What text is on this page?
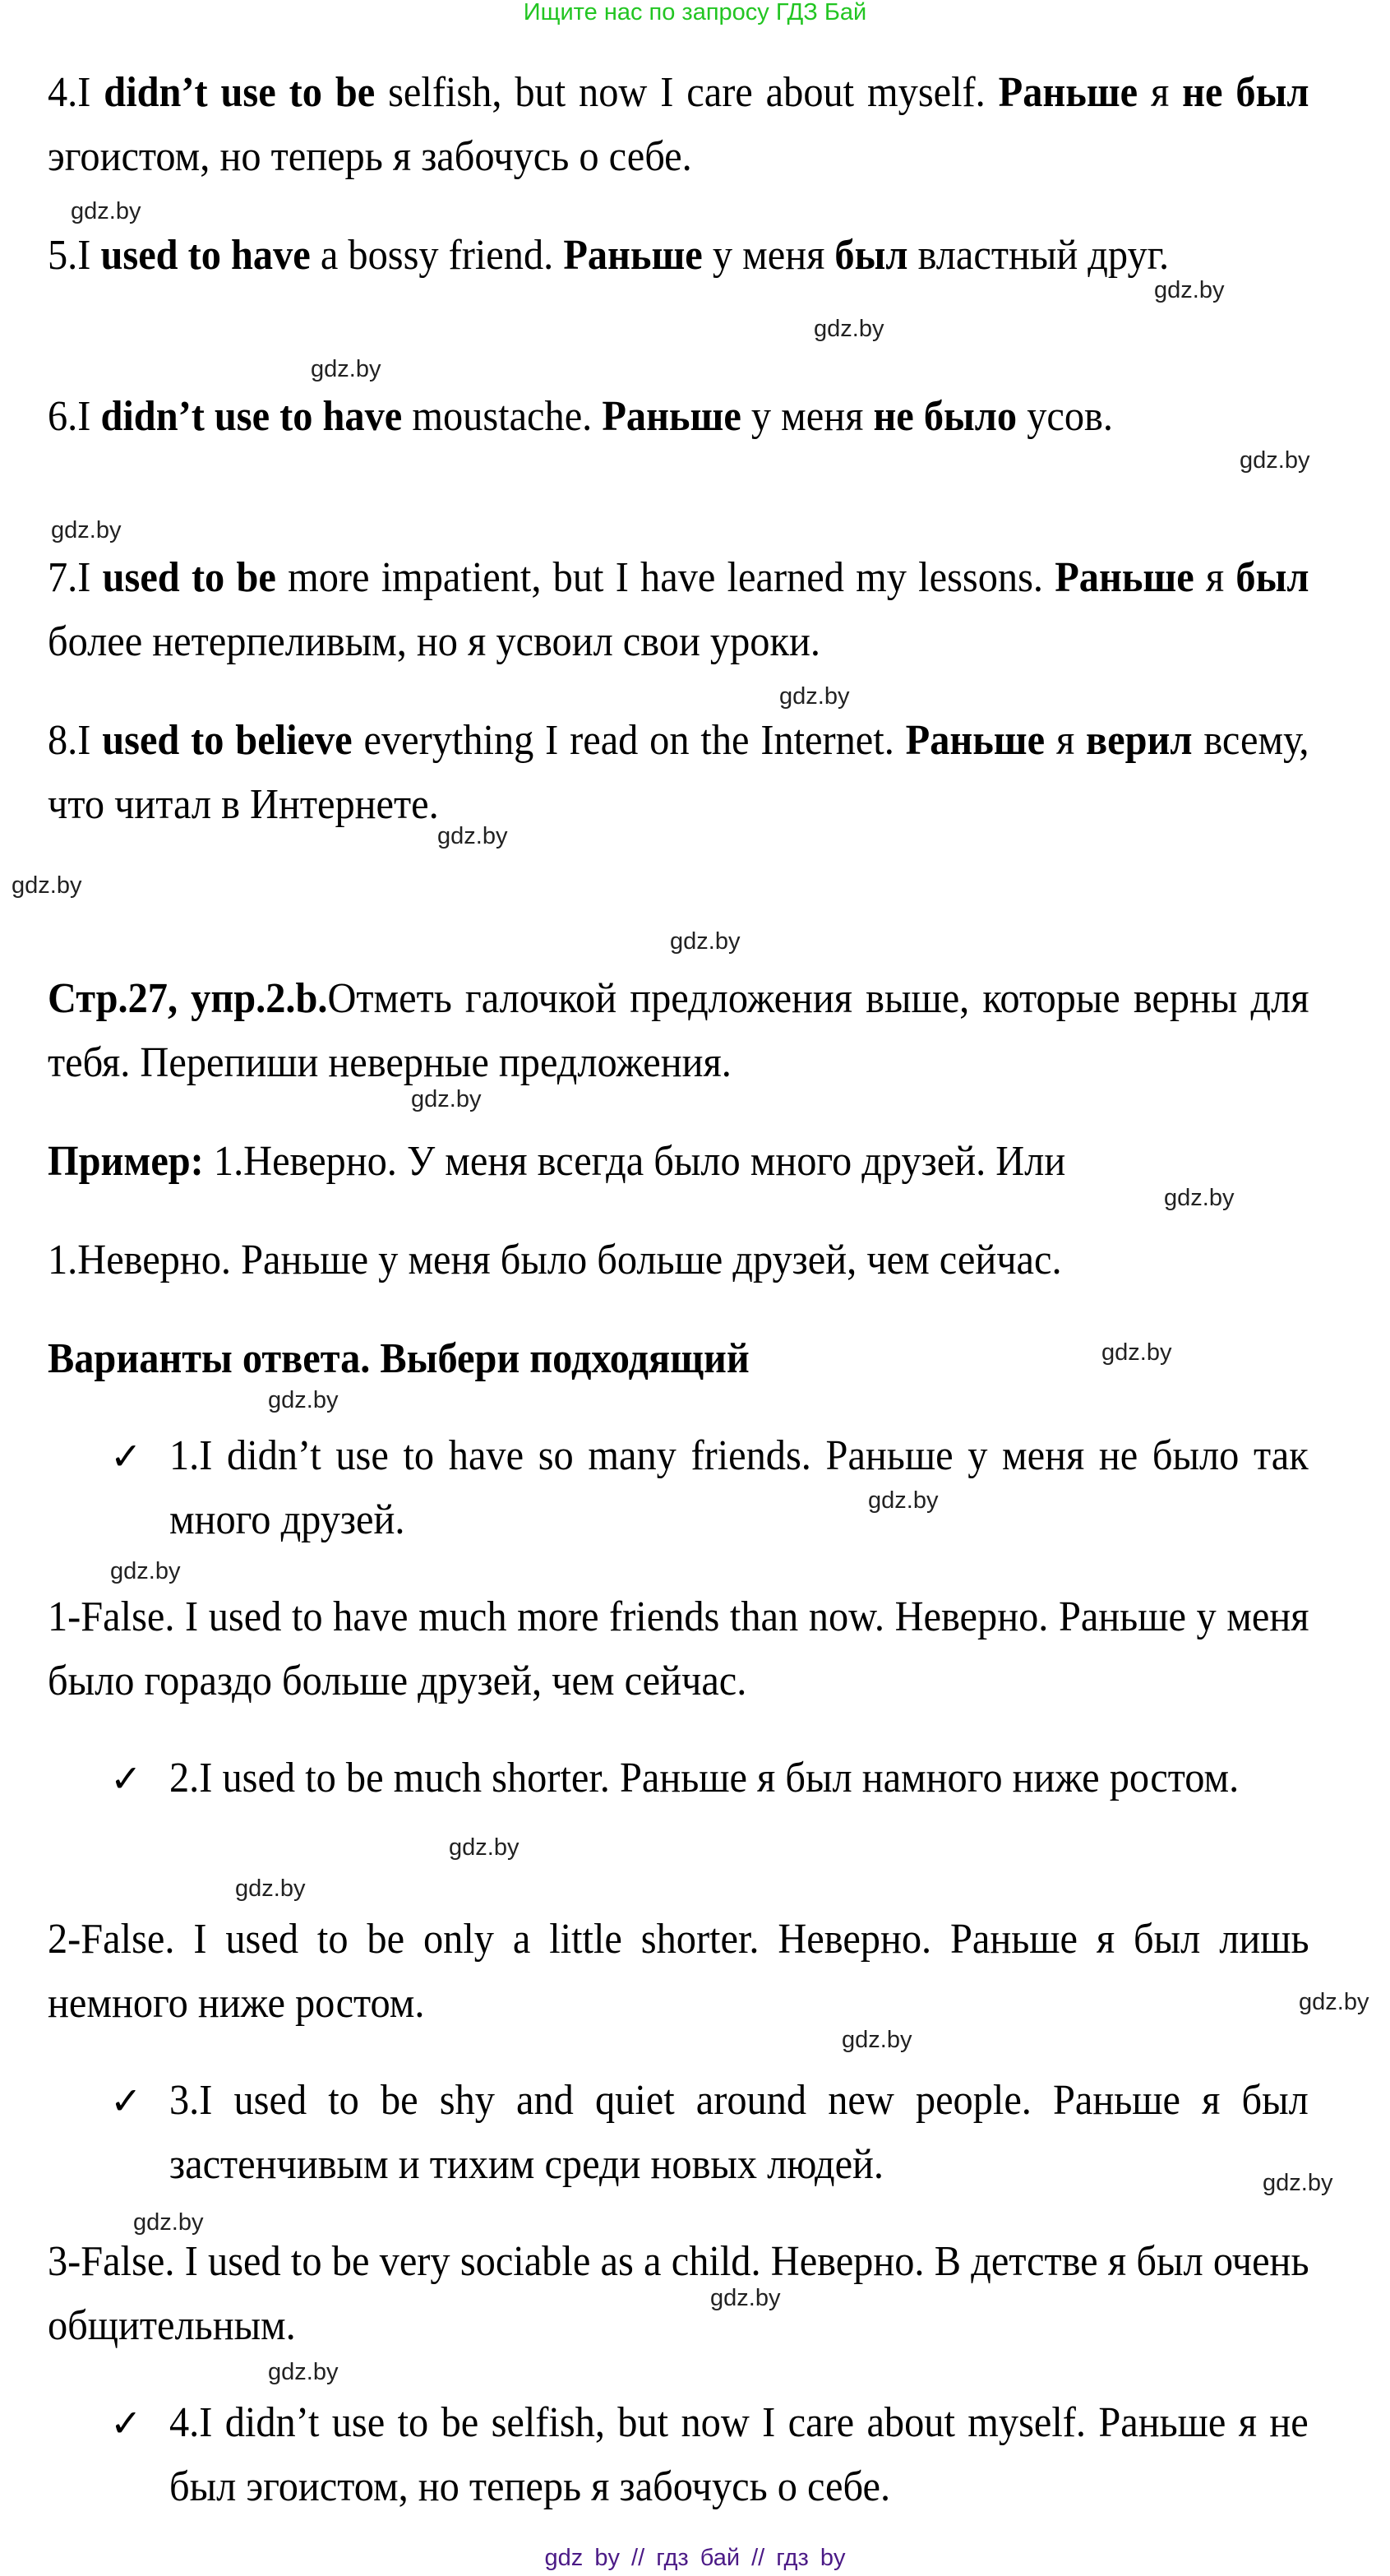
Ищите нас по запросу ГДЗ Бай
4.I didn’t use to be selfish, but now I care about myself. Раньше я не был эгоистом, но теперь я забочусь о себе.
5.I used to have a bossy friend. Раньше у меня был властный друг.
6.I didn’t use to have moustache. Раньше у меня не было усов.
7.I used to be more impatient, but I have learned my lessons. Раньше я был более нетерпеливым, но я усвоил свои уроки.
8.I used to believe everything I read on the Internet. Раньше я верил всему, что читал в Интернете.
Стр.27, упр.2.b.Отметь галочкой предложения выше, которые верны для тебя. Перепиши неверные предложения.
Пример: 1.Неверно. У меня всегда было много друзей. Или
1.Неверно. Раньше у меня было больше друзей, чем сейчас.
Варианты ответа. Выбери подходящий
✓ 1.I didn’t use to have so many friends. Раньше у меня не было так много друзей.
1-False. I used to have much more friends than now. Неверно. Раньше у меня было гораздо больше друзей, чем сейчас.
✓ 2.I used to be much shorter. Раньше я был намного ниже ростом.
2-False. I used to be only a little shorter. Неверно. Раньше я был лишь немного ниже ростом.
✓ 3.I used to be shy and quiet around new people. Раньше я был застенчивым и тихим среди новых людей.
3-False. I used to be very sociable as a child. Неверно. В детстве я был очень общительным.
✓ 4.I didn’t use to be selfish, but now I care about myself. Раньше я не был эгоистом, но теперь я забочусь о себе.
gdz.by
gdz.by
gdz.by
gdz.by
gdz.by
gdz.by
gdz.by
gdz.by
gdz.by
gdz.by
gdz.by
gdz.by
gdz.by
gdz.by
gdz.by
gdz.by
gdz.by
gdz.by
gdz.by
gdz.by
gdz.by
gdz.by
gdz.by
gdz.by
gdz by // гдз бай // гдз by
